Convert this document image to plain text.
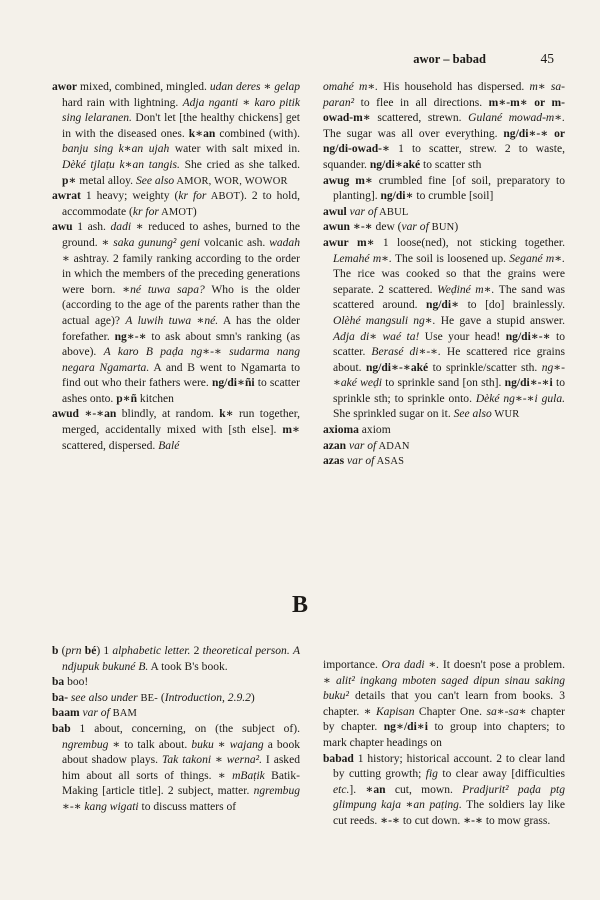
awor – babad	45

awor mixed, combined, mingled. udan deres ∗ gelap hard rain with lightning. Adja nganti ∗ karo pitik sing lelaranen. Don't let [the healthy chickens] get in with the diseased ones. k∗an combined (with). banju sing k∗an ujah water with salt mixed in. Dèké tjlaṭu k∗an tangis. She cried as she talked. p∗ metal alloy. See also AMOR, WOR, WOWOR

awrat 1 heavy; weighty (kr for ABOT). 2 to hold, accommodate (kr for AMOT)

awu 1 ash. dadi ∗ reduced to ashes, burned to the ground. ∗ saka gunung² geni volcanic ash. wadah ∗ ashtray. 2 family ranking according to the order in which the members of the preceding generations were born. ∗né tuwa sapa? Who is the older (according to the age of the parents rather than the actual age)? A luwih tuwa ∗né. A has the older forefather. ng∗-∗ to ask about smn's ranking (as above). A karo B paḍa ng∗-∗ sudarma nang negara Ngamarta. A and B went to Ngamarta to find out who their fathers were. ng/di∗ñi to scatter ashes onto. p∗ñ kitchen

awud ∗-∗an blindly, at random. k∗ run together, merged, accidentally mixed with [sth else]. m∗ scattered, dispersed. Balé

omahé m∗. His household has dispersed. m∗ sa-paran² to flee in all directions. m∗-m∗ or m-owad-m∗ scattered, strewn. Gulané mowad-m∗. The sugar was all over everything. ng/di∗-∗ or ng/di-owad-∗ 1 to scatter, strew. 2 to waste, squander. ng/di∗aké to scatter sth

awug m∗ crumbled fine [of soil, preparatory to planting]. ng/di∗ to crumble [soil]

awul var of ABUL

awun ∗-∗ dew (var of BUN)

awur m∗ 1 loose(ned), not sticking together. Lemahé m∗. The soil is loosened up. Segané m∗. The rice was cooked so that the grains were separate. 2 scattered. Weḍiné m∗. The sand was scattered around. ng/di∗ to [do] brainlessly. Olèhé mangsuli ng∗. He gave a stupid answer. Adja di∗ waé ta! Use your head! ng/di∗-∗ to scatter. Berasé di∗-∗. He scattered rice grains about. ng/di∗-∗aké to sprinkle/scatter sth. ng∗-∗aké weḍi to sprinkle sand [on sth]. ng/di∗-∗i to sprinkle sth; to sprinkle onto. Dèké ng∗-∗i gula. She sprinkled sugar on it. See also WUR

axioma axiom

azan var of ADAN

azas var of ASAS

B

b (prn bé) 1 alphabetic letter. 2 theoretical person. A ndjupuk bukuné B. A took B's book.

ba boo!

ba- see also under BE- (Introduction, 2.9.2)

baam var of BAM

bab 1 about, concerning, on (the subject of). ngrembug ∗ to talk about. buku ∗ wajang a book about shadow plays. Tak takoni ∗ werna². I asked him about all sorts of things. ∗ mBaṭik Batik-Making [article title]. 2 subject, matter. ngrembug ∗-∗ kang wigati to discuss matters of

importance. Ora dadi ∗. It doesn't pose a problem. ∗ alit² ingkang mboten saged dipun sinau saking buku² details that you can't learn from books. 3 chapter. ∗ Kapisan Chapter One. sa∗-sa∗ chapter by chapter. ng∗/di∗i to group into chapters; to mark chapter headings on

babad 1 history; historical account. 2 to clear land by cutting growth; fig to clear away [difficulties etc.]. ∗an cut, mown. Pradjurit² paḍa ptg glimpung kaja ∗an paṭing. The soldiers lay like cut reeds. ∗-∗ to cut down. ∗-∗ to mow grass.
